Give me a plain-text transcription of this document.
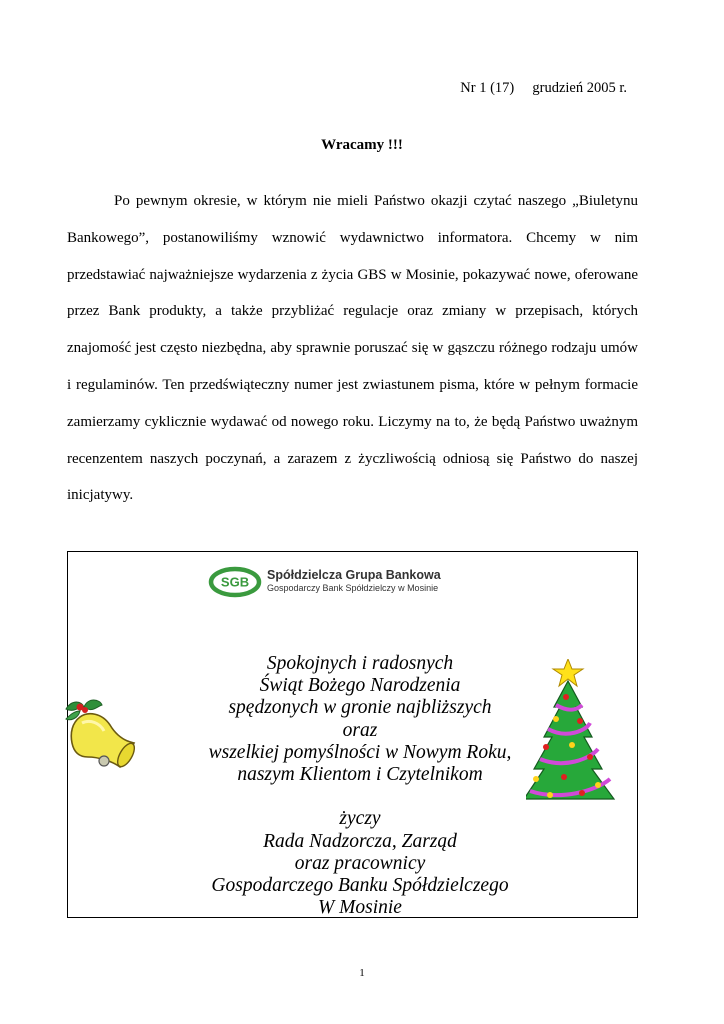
Nr 1 (17) grudzień 2005 r.
Wracamy !!!

Po pewnym okresie, w którym nie mieli Państwo okazji czytać naszego „Biuletynu Bankowego”, postanowiliśmy wznowić wydawnictwo informatora. Chcemy w nim przedstawiać najważniejsze wydarzenia z życia GBS w Mosinie, pokazywać nowe, oferowane przez Bank produkty, a także przybliżać regulacje oraz zmiany w przepisach, których znajomość jest często niezbędna, aby sprawnie poruszać się w gąszczu różnego rodzaju umów i regulaminów. Ten przedświąteczny numer jest zwiastunem pisma, które w pełnym formacie zamierzamy cyklicznie wydawać od nowego roku. Liczymy na to, że będą Państwo uważnym recenzentem naszych poczynań, a zarazem z życzliwością odniosą się Państwo do naszej inicjatywy.

SGB Spółdzielcza Grupa Bankowa
Gospodarczy Bank Spółdzielczy w Mosinie
Spokojnych i radosnych
Świąt Bożego Narodzenia
spędzonych w gronie najbliższych
oraz
wszelkiej pomyślności w Nowym Roku,
naszym Klientom i Czytelnikom
życzy
Rada Nadzorcza, Zarząd
oraz pracownicy
Gospodarczego Banku Spółdzielczego
W Mosinie
1
